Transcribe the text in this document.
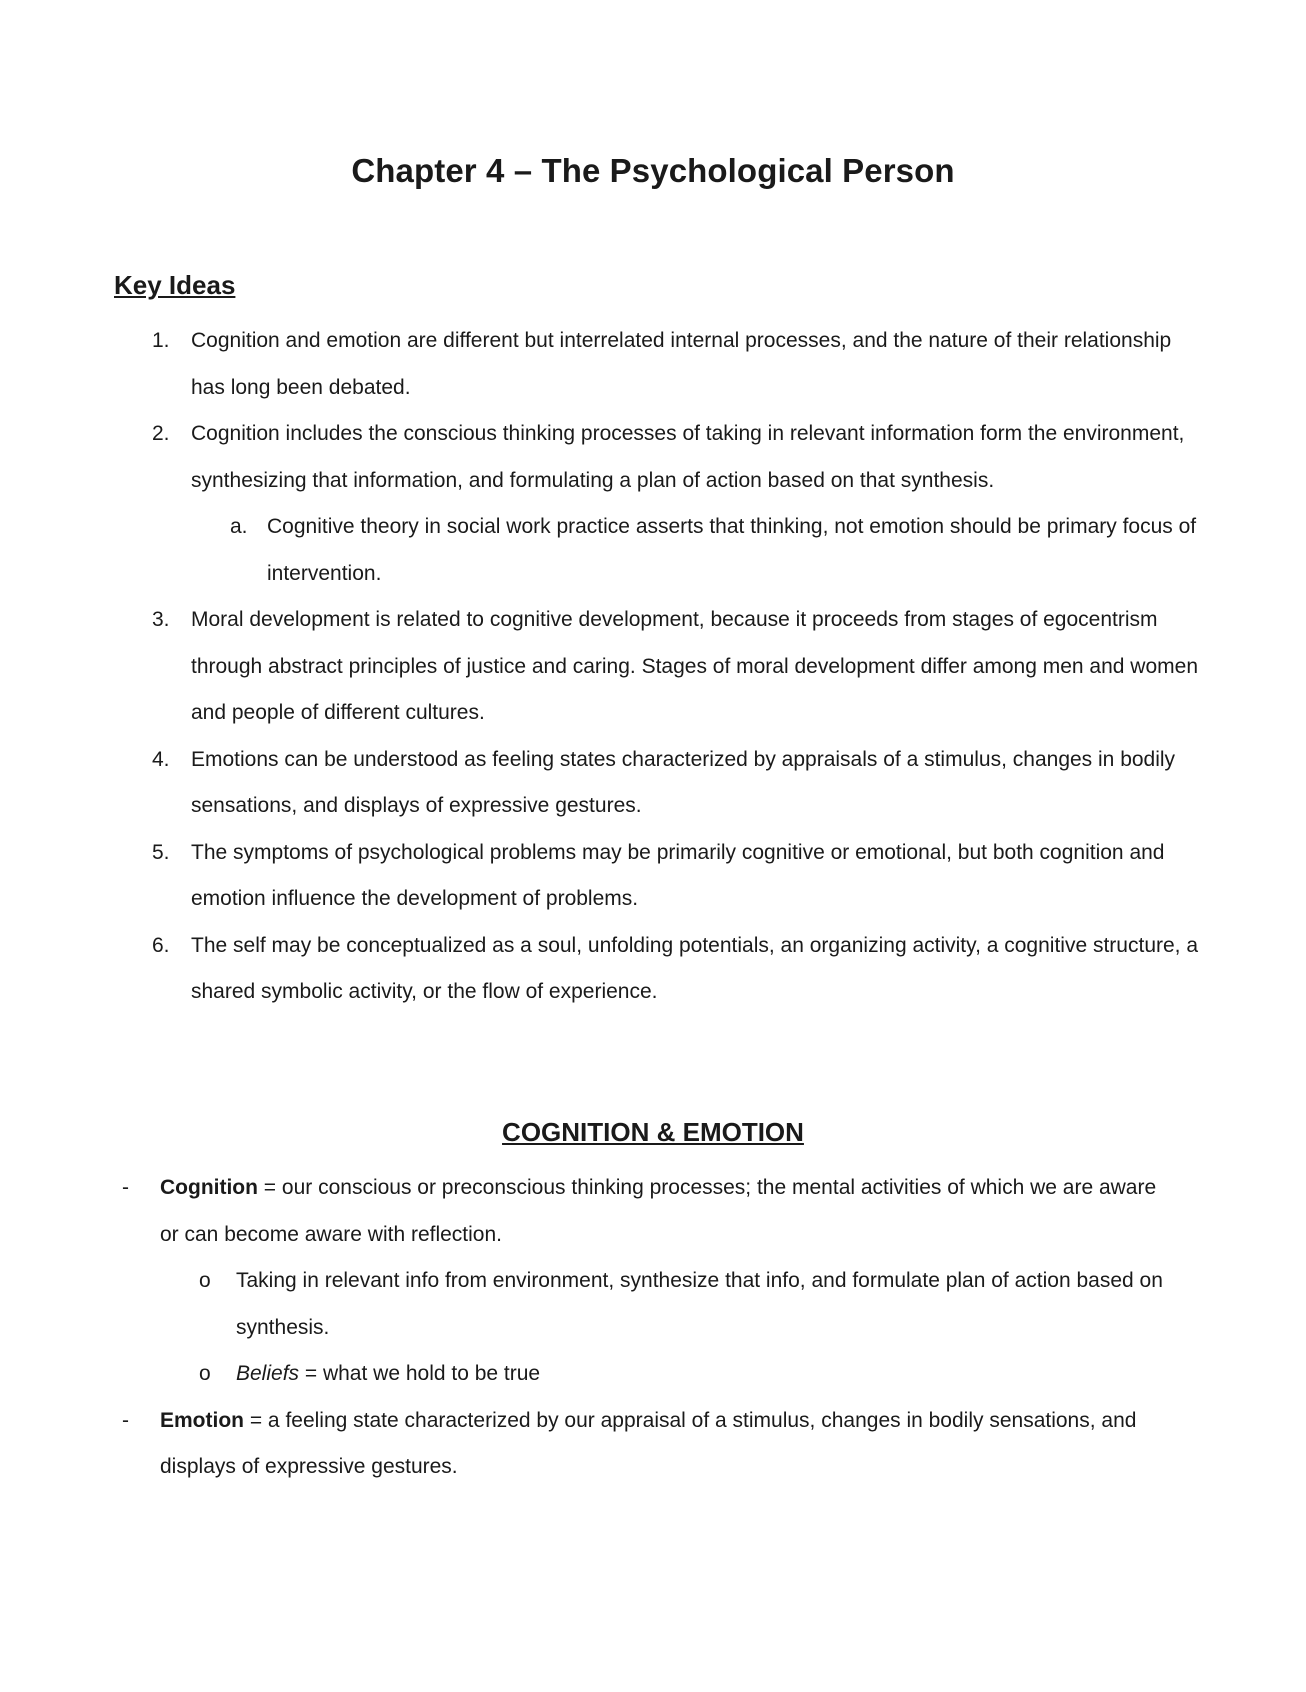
Chapter 4 – The Psychological Person
Key Ideas
1. Cognition and emotion are different but interrelated internal processes, and the nature of their relationship has long been debated.
2. Cognition includes the conscious thinking processes of taking in relevant information form the environment, synthesizing that information, and formulating a plan of action based on that synthesis.
a. Cognitive theory in social work practice asserts that thinking, not emotion should be primary focus of intervention.
3. Moral development is related to cognitive development, because it proceeds from stages of egocentrism through abstract principles of justice and caring. Stages of moral development differ among men and women and people of different cultures.
4. Emotions can be understood as feeling states characterized by appraisals of a stimulus, changes in bodily sensations, and displays of expressive gestures.
5. The symptoms of psychological problems may be primarily cognitive or emotional, but both cognition and emotion influence the development of problems.
6. The self may be conceptualized as a soul, unfolding potentials, an organizing activity, a cognitive structure, a shared symbolic activity, or the flow of experience.
COGNITION & EMOTION
- Cognition = our conscious or preconscious thinking processes; the mental activities of which we are aware or can become aware with reflection.
o Taking in relevant info from environment, synthesize that info, and formulate plan of action based on synthesis.
o Beliefs = what we hold to be true
- Emotion = a feeling state characterized by our appraisal of a stimulus, changes in bodily sensations, and displays of expressive gestures.
